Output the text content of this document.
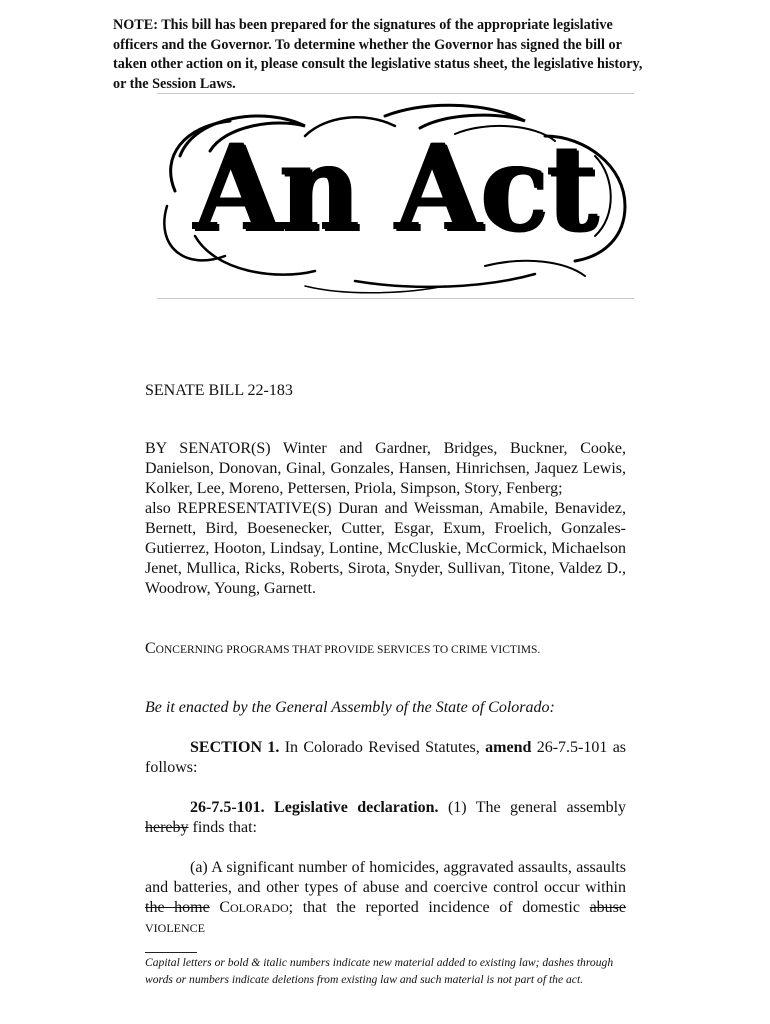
NOTE: This bill has been prepared for the signatures of the appropriate legislative officers and the Governor. To determine whether the Governor has signed the bill or taken other action on it, please consult the legislative status sheet, the legislative history, or the Session Laws.
An Act
SENATE BILL 22-183
BY SENATOR(S) Winter and Gardner, Bridges, Buckner, Cooke, Danielson, Donovan, Ginal, Gonzales, Hansen, Hinrichsen, Jaquez Lewis, Kolker, Lee, Moreno, Pettersen, Priola, Simpson, Story, Fenberg;
also REPRESENTATIVE(S) Duran and Weissman, Amabile, Benavidez, Bernett, Bird, Boesenecker, Cutter, Esgar, Exum, Froelich, Gonzales-Gutierrez, Hooton, Lindsay, Lontine, McCluskie, McCormick, Michaelson Jenet, Mullica, Ricks, Roberts, Sirota, Snyder, Sullivan, Titone, Valdez D., Woodrow, Young, Garnett.
CONCERNING PROGRAMS THAT PROVIDE SERVICES TO CRIME VICTIMS.
Be it enacted by the General Assembly of the State of Colorado:
SECTION 1. In Colorado Revised Statutes, amend 26-7.5-101 as follows:
26-7.5-101. Legislative declaration. (1) The general assembly hereby finds that:
(a) A significant number of homicides, aggravated assaults, assaults and batteries, and other types of abuse and coercive control occur within the home COLORADO; that the reported incidence of domestic abuse VIOLENCE
Capital letters or bold & italic numbers indicate new material added to existing law; dashes through words or numbers indicate deletions from existing law and such material is not part of the act.
